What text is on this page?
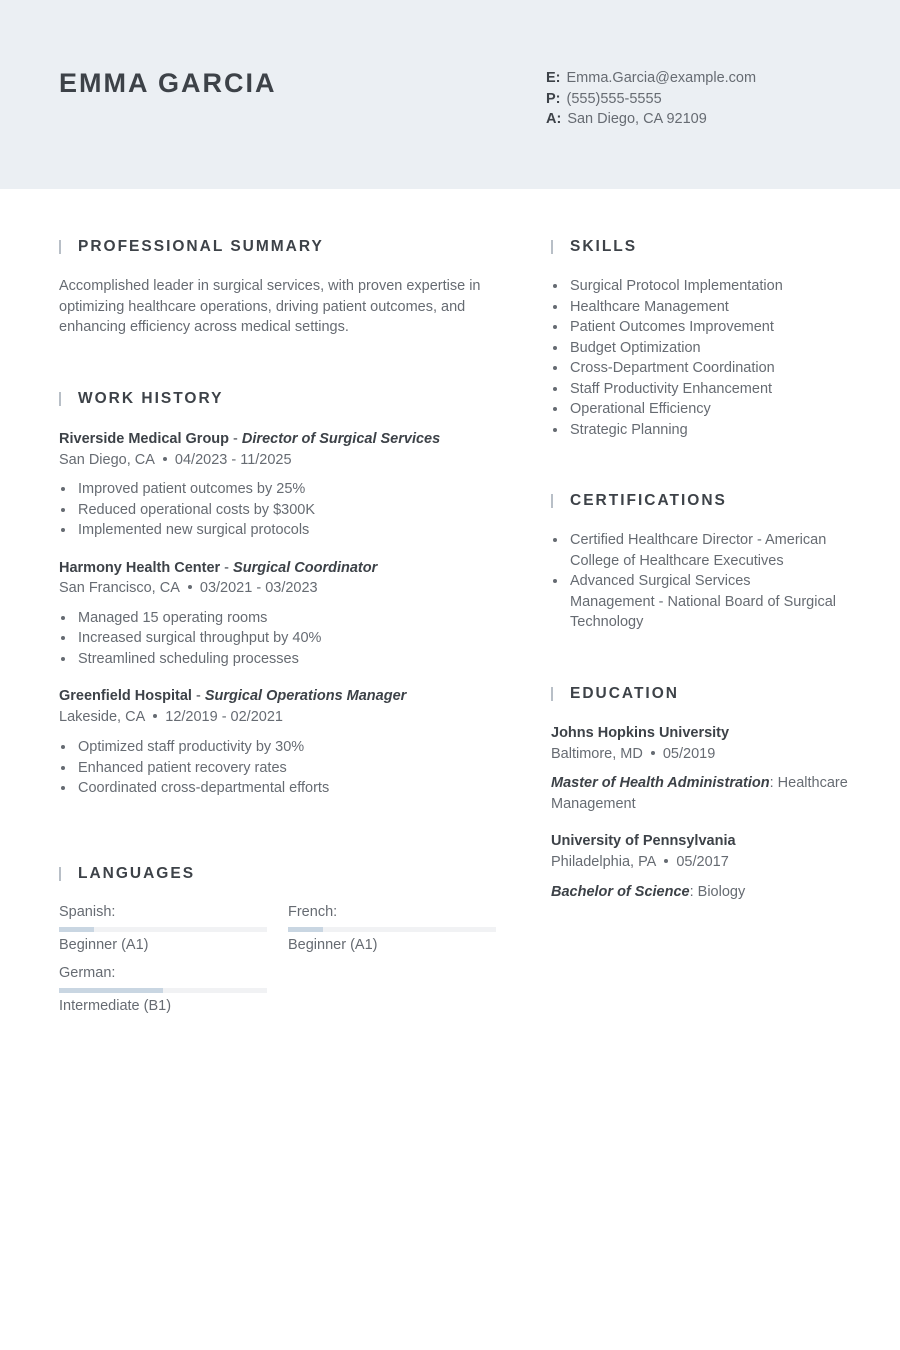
EMMA GARCIA	E: Emma.Garcia@example.com
P: (555)555-5555
A: San Diego, CA 92109
PROFESSIONAL SUMMARY
Accomplished leader in surgical services, with proven expertise in
optimizing healthcare operations, driving patient outcomes, and
enhancing efficiency across medical settings.
WORK HISTORY
Riverside Medical Group - Director of Surgical Services
San Diego, CA 04/2023 - 11/2025
Improved patient outcomes by 25%
Reduced operational costs by $300K
Implemented new surgical protocols
Harmony Health Center - Surgical Coordinator
San Francisco, CA 03/2021 - 03/2023
Managed 15 operating rooms
Increased surgical throughput by 40%
Streamlined scheduling processes
Greenfield Hospital - Surgical Operations Manager
Lakeside, CA 12/2019 - 02/2021
Optimized staff productivity by 30%
Enhanced patient recovery rates
Coordinated cross-departmental efforts
LANGUAGES
Spanish:
Beginner (A1)
French:
Beginner (A1)
German:
Intermediate (B1)
SKILLS
Surgical Protocol Implementation
Healthcare Management
Patient Outcomes Improvement
Budget Optimization
Cross-Department Coordination
Staff Productivity Enhancement
Operational Efficiency
Strategic Planning
CERTIFICATIONS
Certified Healthcare Director - American
College of Healthcare Executives
Advanced Surgical Services
Management - National Board of Surgical
Technology
EDUCATION
Johns Hopkins University
Baltimore, MD 05/2019
Master of Health Administration: Healthcare
Management
University of Pennsylvania
Philadelphia, PA 05/2017
Bachelor of Science: Biology
